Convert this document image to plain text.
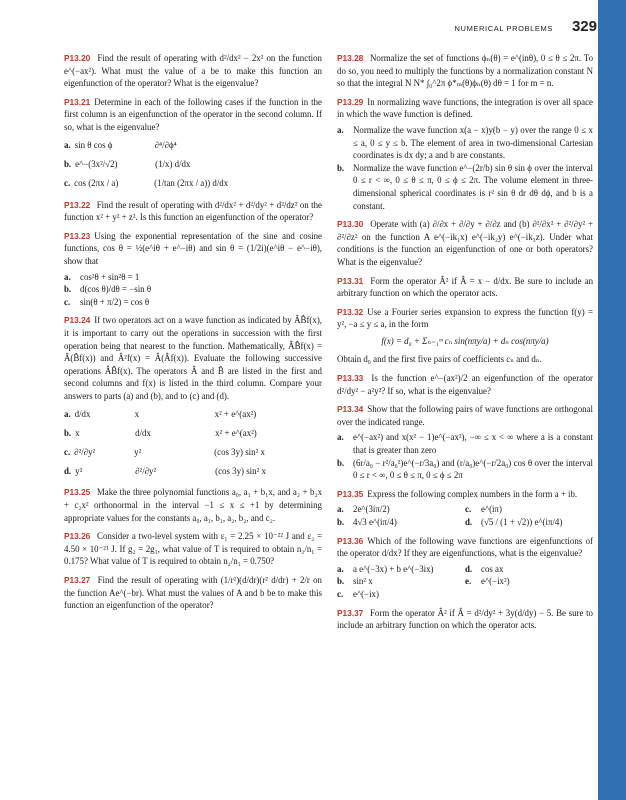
NUMERICAL PROBLEMS 329
P13.20 Find the result of operating with d²/dx² − 2x² on the function e^(−ax²). What must the value of a be to make this function an eigenfunction of the operator? What is the eigenvalue?
P13.21 Determine in each of the following cases if the function in the first column is an eigenfunction of the operator in the second column. If so, what is the eigenvalue?
a. sin θ cos ϕ	∂⁴/∂ϕ⁴
b. e^−(3x²/√2)	(1/x) d/dx
c. cos (2πx / a)	(1/tan (2πx / a)) d/dx
P13.22 Find the result of operating with d²/dx² + d²/dy² + d²/dz² on the function x² + y² + z². Is this function an eigenfunction of the operator?
P13.23 Using the exponential representation of the sine and cosine functions, cos θ = ½(e^iθ + e^−iθ) and sin θ = (1/2i)(e^iθ − e^−iθ), show that
a.	cos²θ + sin²θ = 1
b. d(cos θ)/dθ = −sin θ
c.	sin(θ + π/2) = cos θ
P13.24 If two operators act on a wave function as indicated by ÂB̂f(x), it is important to carry out the operations in succession with the first operation being that nearest to the function. Mathematically, ÂB̂f(x) = Â(B̂f(x)) and Â²f(x) = Â(Âf(x)). Evaluate the following successive operations ÂB̂f(x). The operators Â and B̂ are listed in the first and second columns and f(x) is listed in the third column. Compare your answers to parts (a) and (b), and to (c) and (d).
a. d/dx	x	x² + e^(ax²)
b. x	d/dx	x² + e^(ax²)
c. ∂²/∂y²	y²	(cos 3y) sin² x
d. y²	∂²/∂y²	(cos 3y) sin² x
P13.25 Make the three polynomial functions a₀, a₁ + b₁x, and a₂ + b₂x + c₂x² orthonormal in the interval −1 ≤ x ≤ +1 by determining appropriate values for the constants a₀, a₁, b₁, a₂, b₂, and c₂.
P13.26 Consider a two-level system with ε₁ = 2.25 × 10⁻²² J and ε₂ = 4.50 × 10⁻²¹ J. If g₂ = 2g₁, what value of T is required to obtain n₂/n₁ = 0.175? What value of T is required to obtain n₂/n₁ = 0.750?
P13.27 Find the result of operating with (1/r²)(d/dr)(r² d/dr) + 2/r on the function Ae^(−br). What must the values of A and b be to make this function an eigenfunction of the operator?
P13.28 Normalize the set of functions ϕₙ(θ) = e^(inθ), 0 ≤ θ ≤ 2π. To do so, you need to multiply the functions by a normalization constant N so that the integral N N* ∫₀^2π ϕ*ₘ(θ)ϕₙ(θ) dθ = 1 for m = n.
P13.29 In normalizing wave functions, the integration is over all space in which the wave function is defined.
a.	Normalize the wave function x(a − x)y(b − y) over the range 0 ≤ x ≤ a, 0 ≤ y ≤ b. The element of area in two-dimensional Cartesian coordinates is dx dy; a and b are constants.
b. Normalize the wave function e^−(2r/b) sin θ sin ϕ over the interval 0 ≤ r < ∞, 0 ≤ θ ≤ π, 0 ≤ ϕ ≤ 2π. The volume element in three-dimensional spherical coordinates is r² sin θ dr dθ dϕ, and b is a constant.
P13.30 Operate with (a) ∂/∂x + ∂/∂y + ∂/∂z and (b) ∂²/∂x² + ∂²/∂y² + ∂²/∂z² on the function A e^(−ik₁x) e^(−ik₂y) e^(−ik₃z). Under what conditions is the function an eigenfunction of one or both operators? What is the eigenvalue?
P13.31 Form the operator Â² if Â = x − d/dx. Be sure to include an arbitrary function on which the operator acts.
P13.32 Use a Fourier series expansion to express the function f(y) = y², −a ≤ y ≤ a, in the form
f(x) = d₀ + Σₙ₌₁ᵐ cₙ sin(nπy/a) + dₙ cos(nπy/a)
Obtain d₀ and the first five pairs of coefficients cₙ and dₙ.
P13.33 Is the function e^−(ax²)/2 an eigenfunction of the operator d²/dy² − a²y²? If so, what is the eigenvalue?
P13.34 Show that the following pairs of wave functions are orthogonal over the indicated range.
a.	e^(−ax²) and x(x² − 1)e^(−ax²), −∞ ≤ x < ∞ where a is a constant that is greater than zero
b. (6r/a₀ − r²/a₀²)e^(−r/3a₀) and (r/a₀)e^(−r/2a₀) cos θ over the interval 0 ≤ r < ∞, 0 ≤ θ ≤ π, 0 ≤ ϕ ≤ 2π
P13.35 Express the following complex numbers in the form a + ib.
a.	2e^(3iπ/2)	c.	e^(iπ)
b. 4√3 e^(iπ/4)	d. (√5 / (1 + √2)) e^(iπ/4)
P13.36 Which of the following wave functions are eigenfunctions of the operator d/dx? If they are eigenfunctions, what is the eigenvalue?
a.	a e^(−3x) + b e^(−3ix)	d. cos ax
b. sin² x	e.	e^(−ix²)
c.	e^(−ix)
P13.37 Form the operator Â² if Â = d²/dy² + 3y(d/dy) − 5. Be sure to include an arbitrary function on which the operator acts.
